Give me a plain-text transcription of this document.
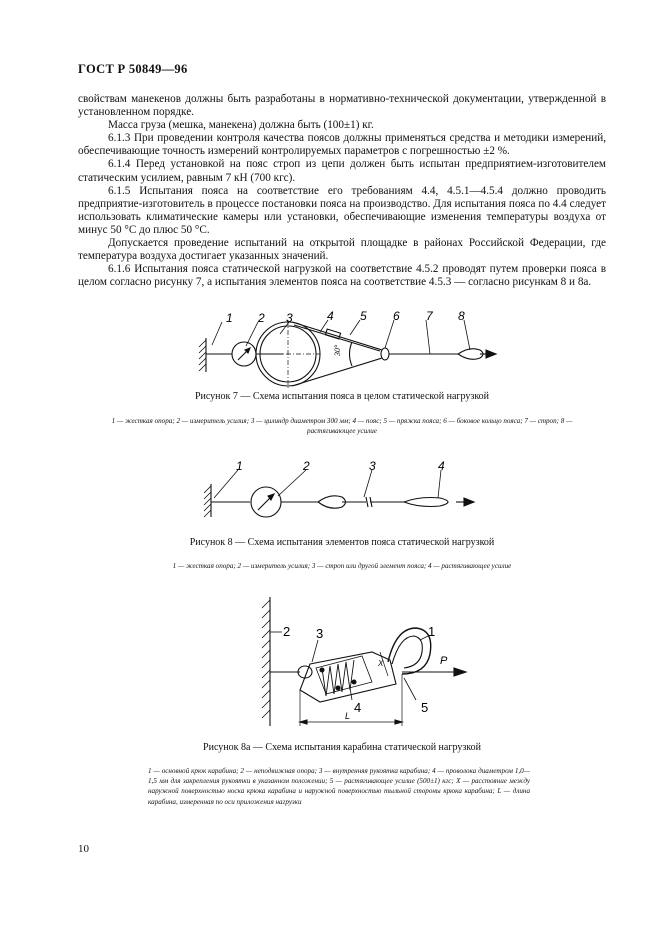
ГОСТ Р 50849—96

свойствам манекенов должны быть разработаны в нормативно-технической документации, утвержденной в установленном порядке.

Масса груза (мешка, манекена) должна быть (100±1) кг.

6.1.3 При проведении контроля качества поясов должны применяться средства и методики измерений, обеспечивающие точность измерений контролируемых параметров с погрешностью ±2 %.

6.1.4 Перед установкой на пояс строп из цепи должен быть испытан предприятием-изготовителем статическим усилием, равным 7 кН (700 кгс).

6.1.5 Испытания пояса на соответствие его требованиям 4.4, 4.5.1—4.5.4 должно проводить предприятие-изготовитель в процессе постановки пояса на производство. Для испытания пояса по 4.4 следует использовать климатические камеры или установки, обеспечивающие изменения температуры воздуха от минус 50 °С до плюс 50 °С.

Допускается проведение испытаний на открытой площадке в районах Российской Федерации, где температура воздуха достигает указанных значений.

6.1.6 Испытания пояса статической нагрузкой на соответствие 4.5.2 проводят путем проверки пояса в целом согласно рисунку 7, а испытания элементов пояса на соответствие 4.5.3 — согласно рисункам 8 и 8а.

1 2 3	4 5 6 7 8
30°
Рисунок 7 — Схема испытания пояса в целом статической нагрузкой
1 — жесткая опора; 2 — измеритель усилия; 3 — цилиндр диаметром 300 мм; 4 — пояс; 5 — пряжка пояса; 6 — боковое кольцо пояса; 7 — строп; 8 — растягивающее усилие
1	2	3	4
Рисунок 8 — Схема испытания элементов пояса статической нагрузкой
1 — жесткая опора; 2 — измеритель усилия; 3 — строп или другой элемент пояса; 4 — растягивающее усилие
2 3	1
4	5
P
X
L
Рисунок 8а — Схема испытания карабина статической нагрузкой
1 — основной крюк карабина; 2 — неподвижная опора; 3 — внутренняя рукоятка карабина; 4 — проволока диаметром 1,0—1,5 мм для закрепления рукоятки в указанном положении; 5 — растягивающее усилие (500±1) кгс; X — расстояние между наружной поверхностью носка крюка карабина и наружной поверхностью тыльной стороны крюка карабина; L — длина карабина, измеренная по оси приложения нагрузки
10
